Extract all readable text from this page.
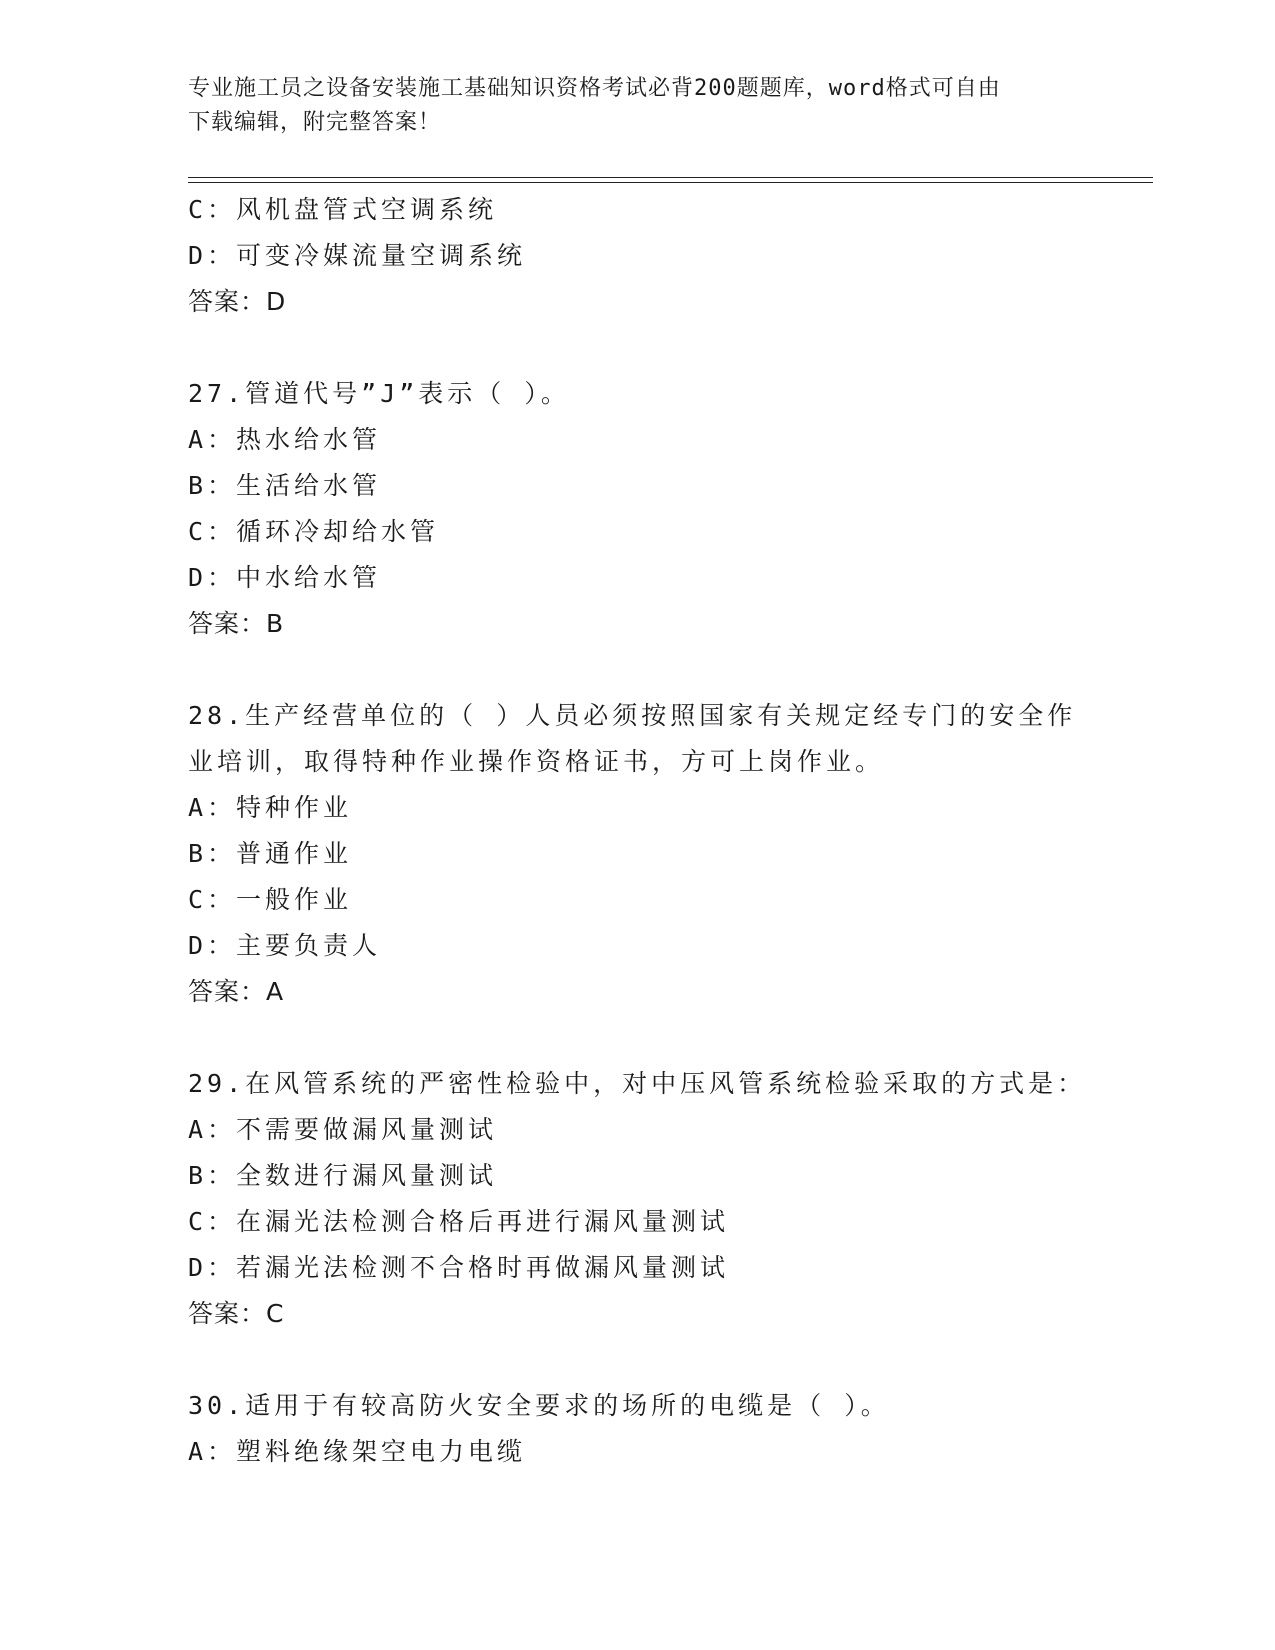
专业施工员之设备安装施工基础知识资格考试必背200题题库，word格式可自由
下载编辑，附完整答案！
C：风机盘管式空调系统
D：可变冷媒流量空调系统
答案：D
27.管道代号”J”表示（ ）。
A：热水给水管
B：生活给水管
C：循环冷却给水管
D：中水给水管
答案：B
28.生产经营单位的（ ）人员必须按照国家有关规定经专门的安全作
业培训，取得特种作业操作资格证书，方可上岗作业。
A：特种作业
B：普通作业
C：一般作业
D：主要负责人
答案：A
29.在风管系统的严密性检验中，对中压风管系统检验采取的方式是：
A：不需要做漏风量测试
B：全数进行漏风量测试
C：在漏光法检测合格后再进行漏风量测试
D：若漏光法检测不合格时再做漏风量测试
答案：C
30.适用于有较高防火安全要求的场所的电缆是（ ）。
A：塑料绝缘架空电力电缆
